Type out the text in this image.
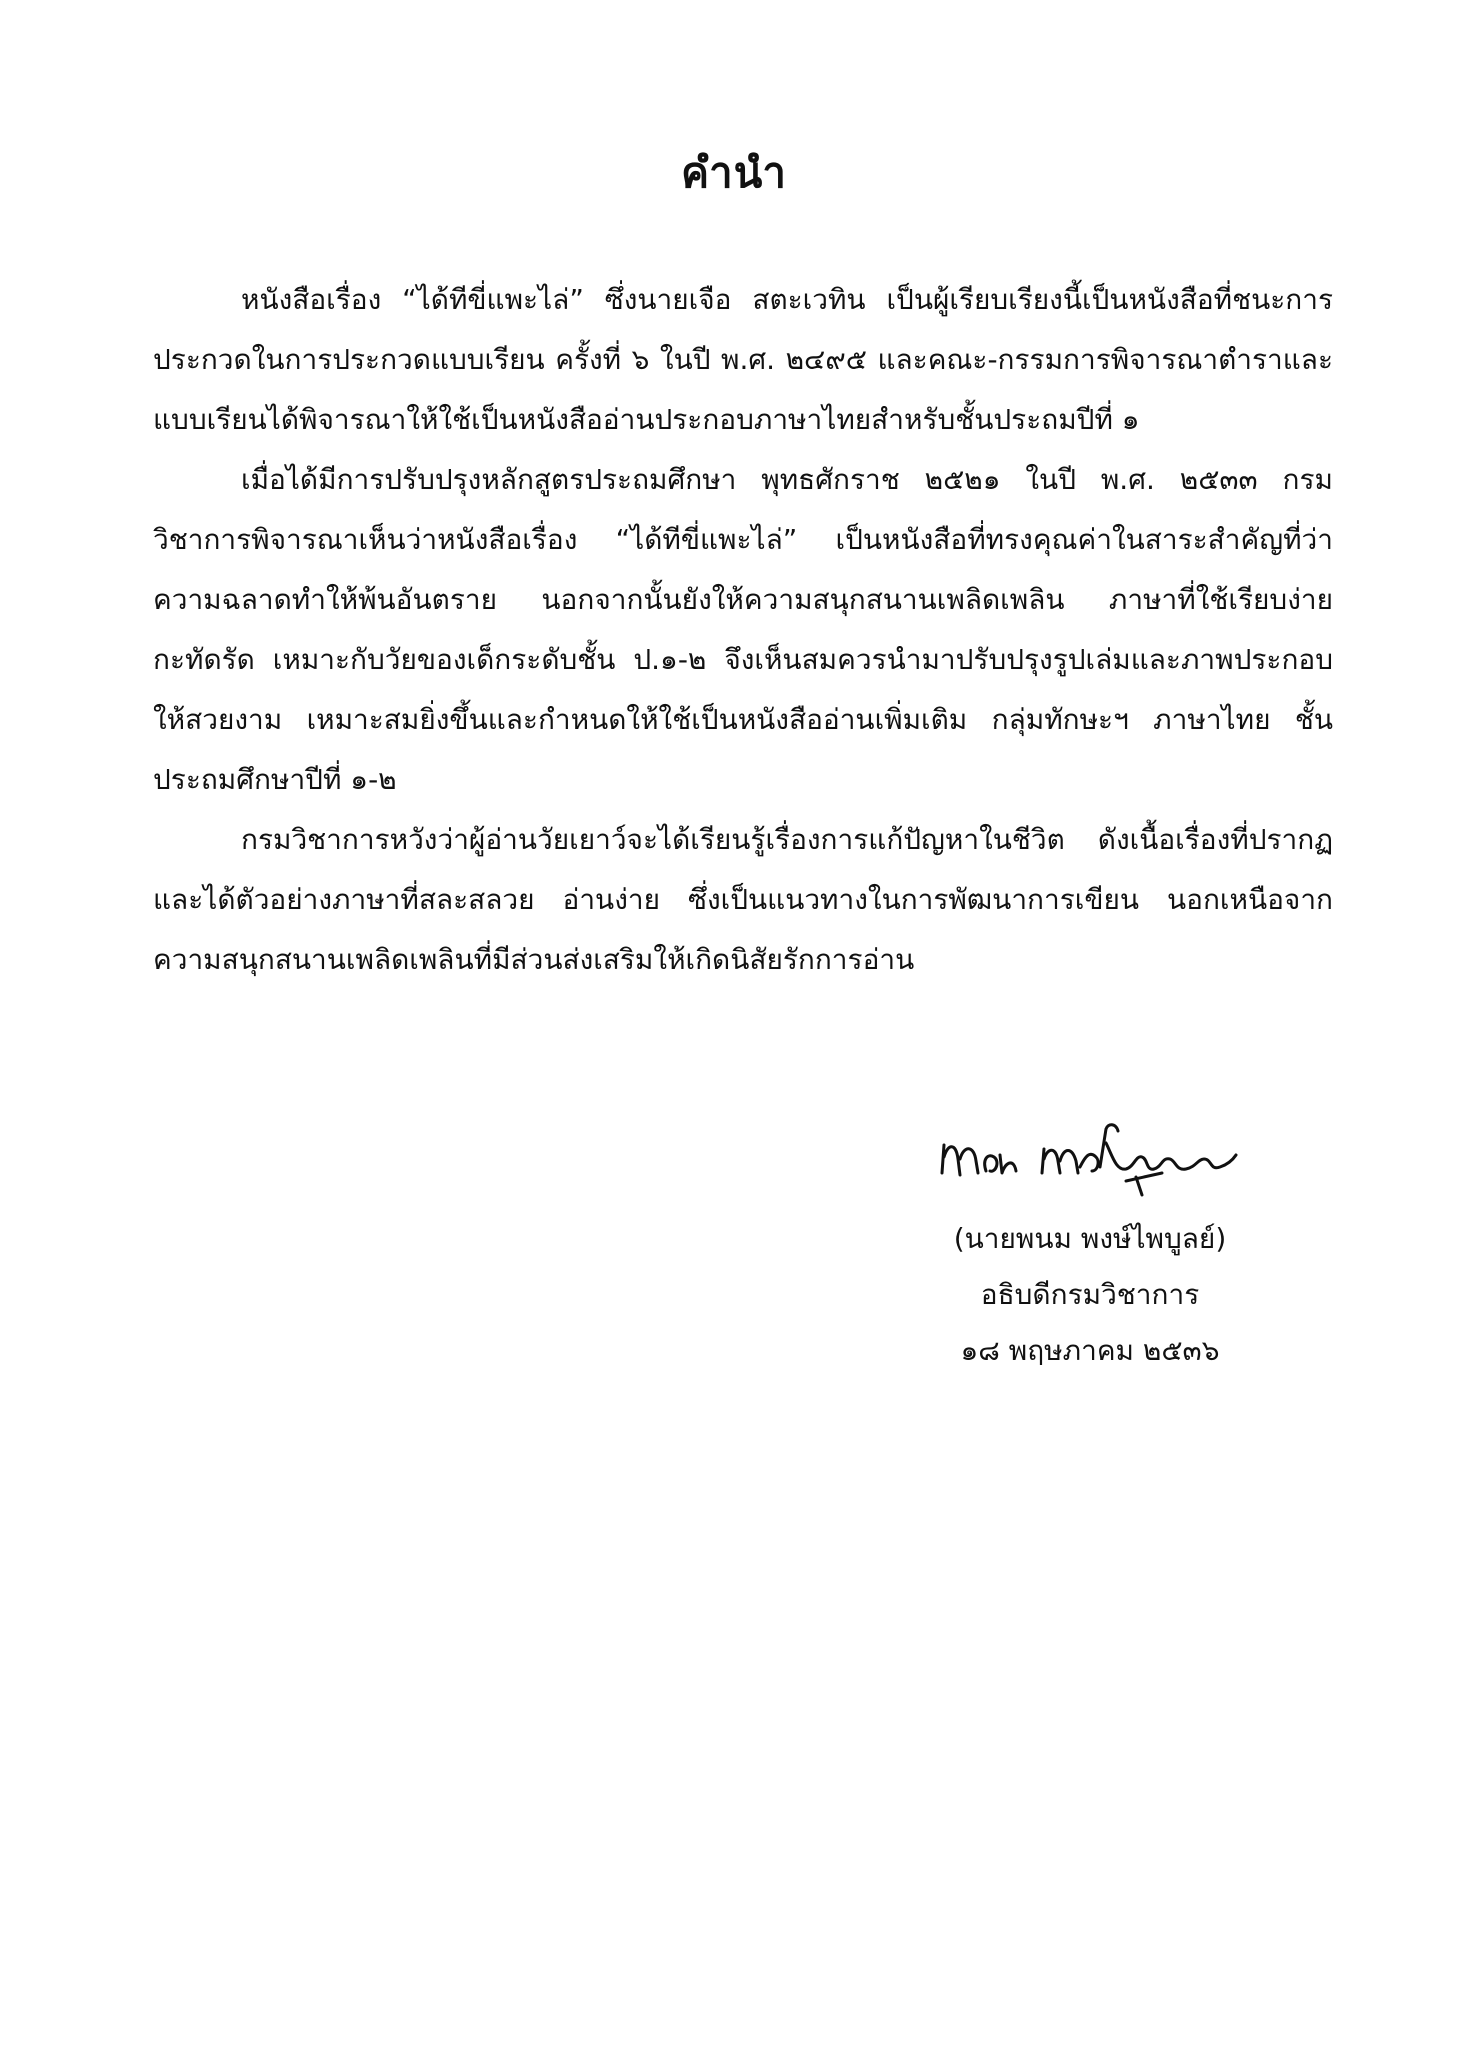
คำนำ

หนังสือเรื่อง “ได้ทีขี่แพะไล่” ซึ่งนายเจือ สตะเวทิน เป็นผู้เรียบเรียงนี้เป็นหนังสือที่ชนะการประกวดในการประกวดแบบเรียน ครั้งที่ ๖ ในปี พ.ศ. ๒๔๙๕ และคณะ-กรรมการพิจารณาตำราและแบบเรียนได้พิจารณาให้ใช้เป็นหนังสืออ่านประกอบภาษาไทยสำหรับชั้นประถมปีที่ ๑

เมื่อได้มีการปรับปรุงหลักสูตรประถมศึกษา พุทธศักราช ๒๕๒๑ ในปี พ.ศ. ๒๕๓๓ กรมวิชาการพิจารณาเห็นว่าหนังสือเรื่อง “ได้ทีขี่แพะไล่” เป็นหนังสือที่ทรงคุณค่าในสาระสำคัญที่ว่าความฉลาดทำให้พ้นอันตราย นอกจากนั้นยังให้ความสนุกสนานเพลิดเพลิน ภาษาที่ใช้เรียบง่าย กะทัดรัด เหมาะกับวัยของเด็กระดับชั้น ป.๑-๒ จึงเห็นสมควรนำมาปรับปรุงรูปเล่มและภาพประกอบให้สวยงาม เหมาะสมยิ่งขึ้นและกำหนดให้ใช้เป็นหนังสืออ่านเพิ่มเติม กลุ่มทักษะฯ ภาษาไทย ชั้นประถมศึกษาปีที่ ๑-๒

กรมวิชาการหวังว่าผู้อ่านวัยเยาว์จะได้เรียนรู้เรื่องการแก้ปัญหาในชีวิต ดังเนื้อเรื่องที่ปรากฏและได้ตัวอย่างภาษาที่สละสลวย อ่านง่าย ซึ่งเป็นแนวทางในการพัฒนาการเขียน นอกเหนือจากความสนุกสนานเพลิดเพลินที่มีส่วนส่งเสริมให้เกิดนิสัยรักการอ่าน

(นายพนม พงษ์ไพบูลย์)
อธิบดีกรมวิชาการ
๑๘ พฤษภาคม ๒๕๓๖
